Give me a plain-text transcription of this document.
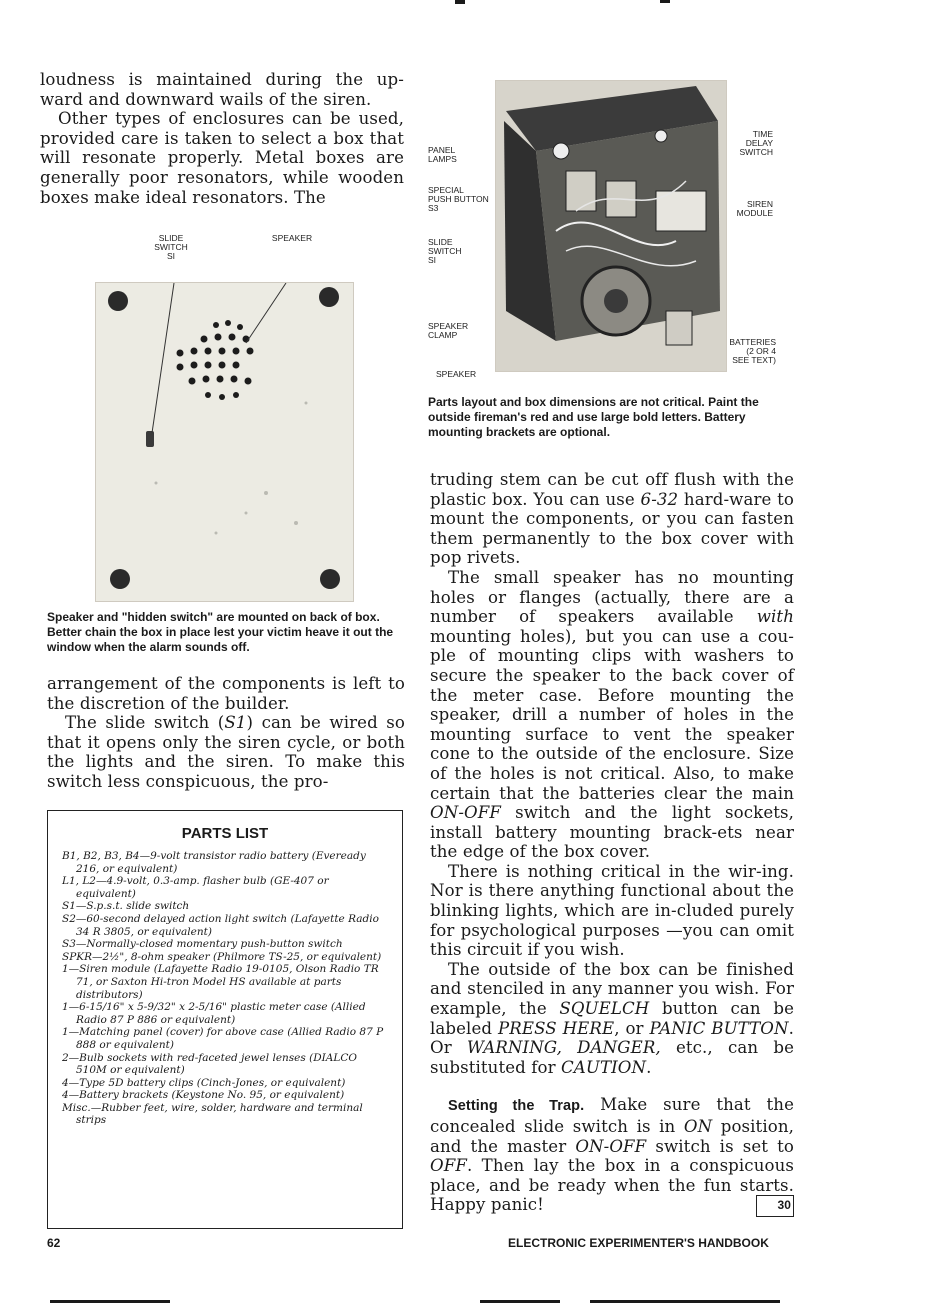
loudness is maintained during the up-ward and downward wails of the siren.

Other types of enclosures can be used, provided care is taken to select a box that will resonate properly. Metal boxes are generally poor resonators, while wooden boxes make ideal resonators. The

SLIDE
SWITCH
SI
SPEAKER
Speaker and "hidden switch" are mounted on back of box. Better chain the box in place lest your victim heave it out the window when the alarm sounds off.

arrangement of the components is left to the discretion of the builder.

The slide switch (S1) can be wired so that it opens only the siren cycle, or both the lights and the siren. To make this switch less conspicuous, the pro-

PARTS LIST
B1, B2, B3, B4—9-volt transistor radio battery (Eveready 216, or equivalent)
L1, L2—4.9-volt, 0.3-amp. flasher bulb (GE-407 or equivalent)
S1—S.p.s.t. slide switch
S2—60-second delayed action light switch (Lafayette Radio 34 R 3805, or equivalent)
S3—Normally-closed momentary push-button switch
SPKR—2½", 8-ohm speaker (Philmore TS-25, or equivalent)
1—Siren module (Lafayette Radio 19-0105, Olson Radio TR 71, or Saxton Hi-tron Model HS available at parts distributors)
1—6-15/16" x 5-9/32" x 2-5/16" plastic meter case (Allied Radio 87 P 886 or equivalent)
1—Matching panel (cover) for above case (Allied Radio 87 P 888 or equivalent)
2—Bulb sockets with red-faceted jewel lenses (DIALCO 510M or equivalent)
4—Type 5D battery clips (Cinch-Jones, or equivalent)
4—Battery brackets (Keystone No. 95, or equivalent)
Misc.—Rubber feet, wire, solder, hardware and terminal strips
PANEL
LAMPS
SPECIAL
PUSH BUTTON
S3
SLIDE
SWITCH
SI
SPEAKER
CLAMP
SPEAKER
TIME
DELAY
SWITCH
SIREN
MODULE
BATTERIES
(2 OR 4
SEE TEXT)
Parts layout and box dimensions are not critical. Paint the outside fireman's red and use large bold letters. Battery mounting brackets are optional.

truding stem can be cut off flush with the plastic box. You can use 6-32 hard-ware to mount the components, or you can fasten them permanently to the box cover with pop rivets.

The small speaker has no mounting holes or flanges (actually, there are a number of speakers available with mounting holes), but you can use a cou-ple of mounting clips with washers to secure the speaker to the back cover of the meter case. Before mounting the speaker, drill a number of holes in the mounting surface to vent the speaker cone to the outside of the enclosure. Size of the holes is not critical. Also, to make certain that the batteries clear the main ON-OFF switch and the light sockets, install battery mounting brack-ets near the edge of the box cover.

There is nothing critical in the wir-ing. Nor is there anything functional about the blinking lights, which are in-cluded purely for psychological purposes —you can omit this circuit if you wish.

The outside of the box can be finished and stenciled in any manner you wish. For example, the SQUELCH button can be labeled PRESS HERE, or PANIC BUTTON. Or WARNING, DANGER, etc., can be substituted for CAUTION.

Setting the Trap. Make sure that the concealed slide switch is in ON position, and the master ON-OFF switch is set to OFF. Then lay the box in a conspicuous place, and be ready when the fun starts. Happy panic!	30

62	ELECTRONIC EXPERIMENTER'S HANDBOOK
